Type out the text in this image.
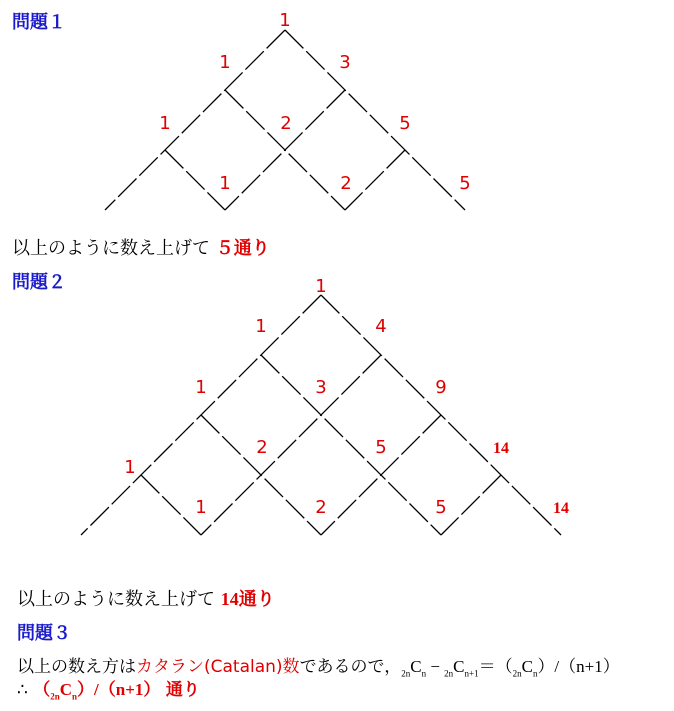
問題１	1
1	3
1	2	5
1	2	5
1
1	4
1	3	9
1
2	5	14
1	2	5	14
以上のように数え上げて ５通り
問題２
以上のように数え上げて 14通り
問題３
以上の数え方はカタラン(Catalan)数であるので，$_{2n}C_n - _{2n}C_{n+1}=(_{2n}C_n)/(n+1)$
∴ $(_{2n}C_n)/(n+1)$ 通り
